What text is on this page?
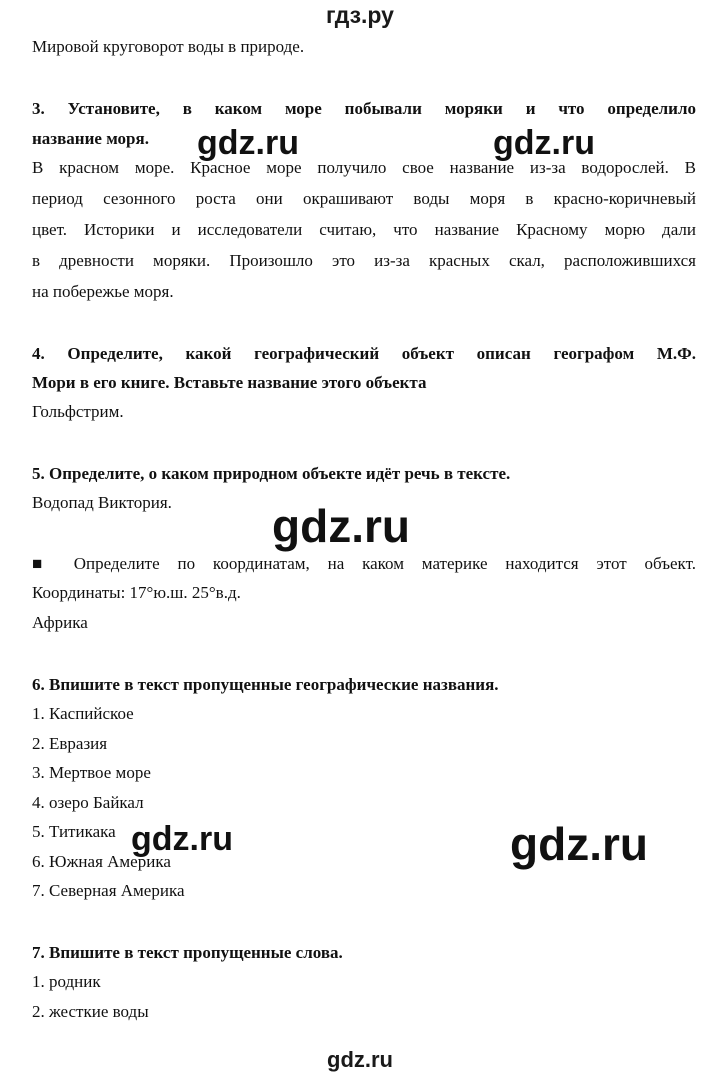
гдз.ру
Мировой круговорот воды в природе.
3. Установите, в каком море побывали моряки и что определило
название моря.
В красном море. Красное море получило свое название из-за водорослей. В
период сезонного роста они окрашивают воды моря в красно-коричневый
цвет. Историки и исследователи считаю, что название Красному морю дали
в древности моряки. Произошло это из-за красных скал, расположившихся
на побережье моря.
4. Определите, какой географический объект описан географом М.Ф.
Мори в его книге. Вставьте название этого объекта
Гольфстрим.
5. Определите, о каком природном объекте идёт речь в тексте.
Водопад Виктория.
■ Определите по координатам, на каком материке находится этот объект.
Координаты: 17°ю.ш. 25°в.д.
Африка
6. Впишите в текст пропущенные географические названия.
1. Каспийское
2. Евразия
3. Мертвое море
4. озеро Байкал
5. Титикака
6. Южная Америка
7. Северная Америка
7. Впишите в текст пропущенные слова.
1. родник
2. жесткие воды
gdz.ru	gdz.ru
gdz.ru
gdz.ru	gdz.ru
gdz.ru
